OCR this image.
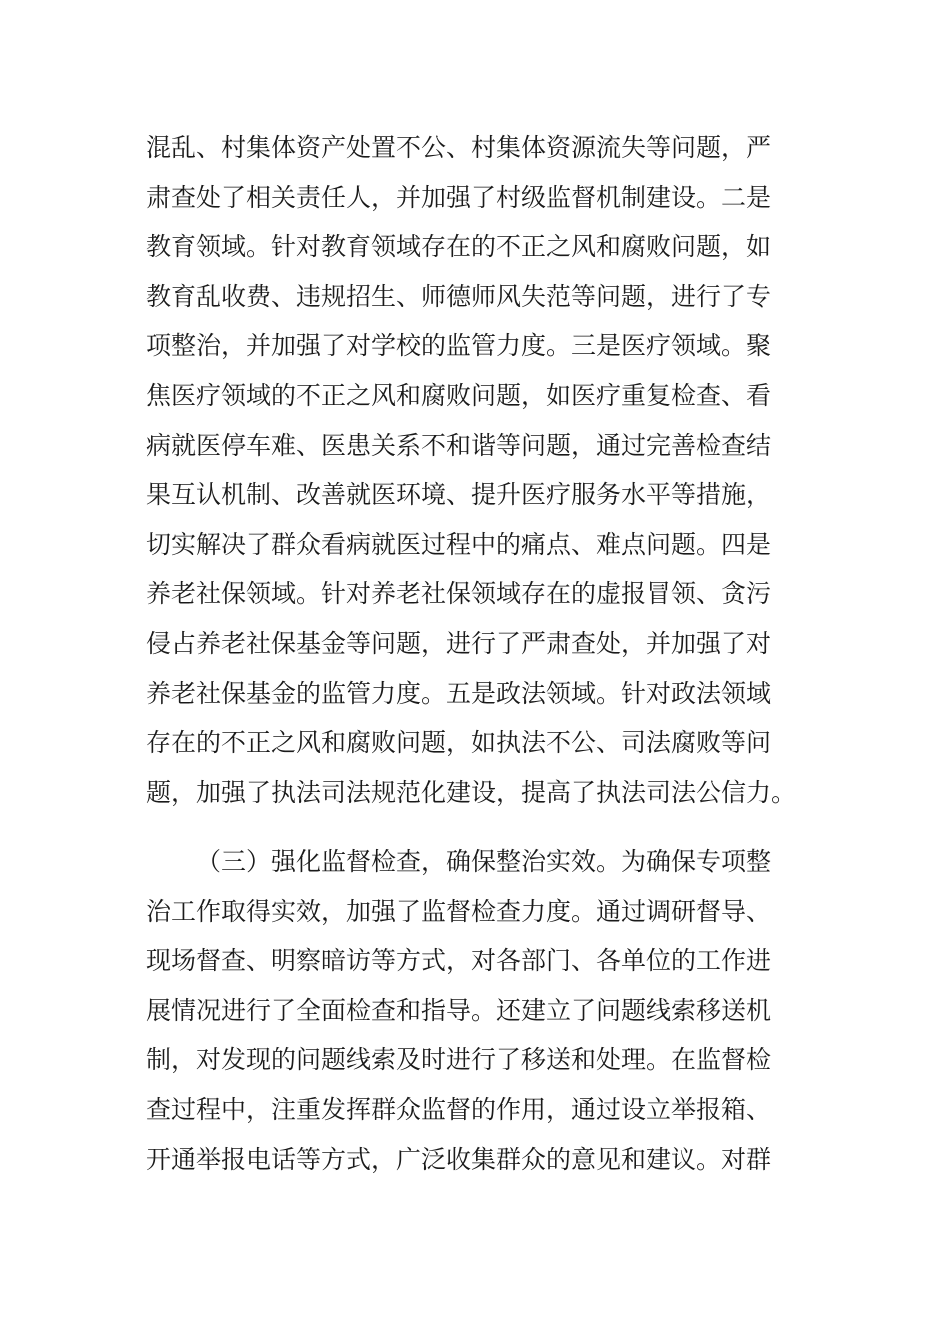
混乱、村集体资产处置不公、村集体资源流失等问题，严
肃查处了相关责任人，并加强了村级监督机制建设。二是
教育领域。针对教育领域存在的不正之风和腐败问题，如
教育乱收费、违规招生、师德师风失范等问题，进行了专
项整治，并加强了对学校的监管力度。三是医疗领域。聚
焦医疗领域的不正之风和腐败问题，如医疗重复检查、看
病就医停车难、医患关系不和谐等问题，通过完善检查结
果互认机制、改善就医环境、提升医疗服务水平等措施，
切实解决了群众看病就医过程中的痛点、难点问题。四是
养老社保领域。针对养老社保领域存在的虚报冒领、贪污
侵占养老社保基金等问题，进行了严肃查处，并加强了对
养老社保基金的监管力度。五是政法领域。针对政法领域
存在的不正之风和腐败问题，如执法不公、司法腐败等问
题，加强了执法司法规范化建设，提高了执法司法公信力。
（三）强化监督检查，确保整治实效。为确保专项整
治工作取得实效，加强了监督检查力度。通过调研督导、
现场督查、明察暗访等方式，对各部门、各单位的工作进
展情况进行了全面检查和指导。还建立了问题线索移送机
制，对发现的问题线索及时进行了移送和处理。在监督检
查过程中，注重发挥群众监督的作用，通过设立举报箱、
开通举报电话等方式，广泛收集群众的意见和建议。对群
